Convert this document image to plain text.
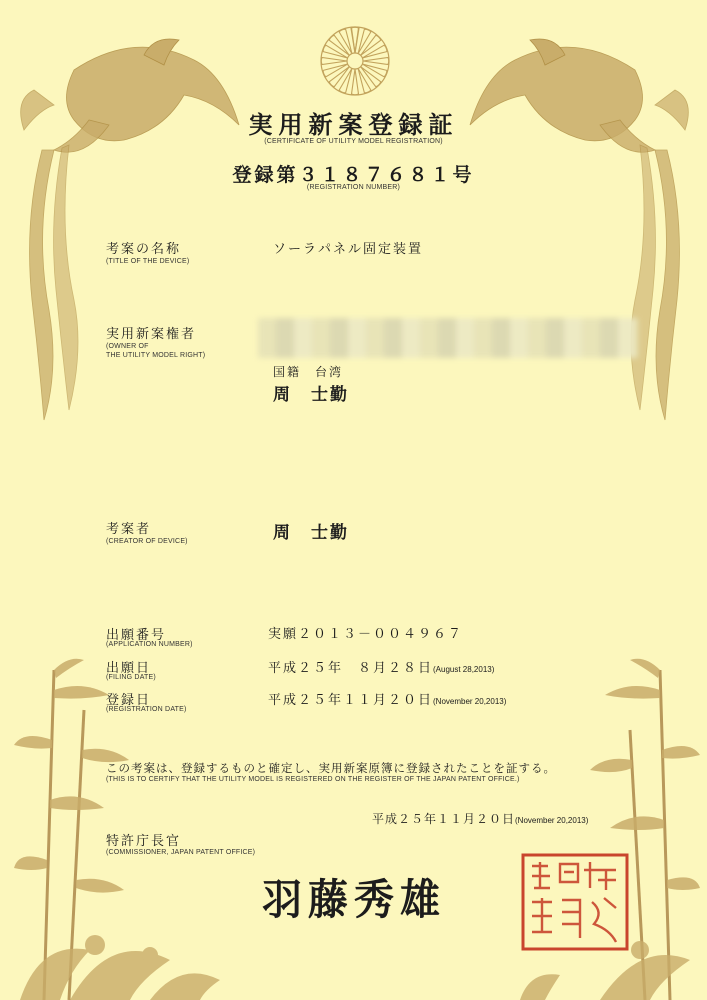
実用新案登録証
(CERTIFICATE OF UTILITY MODEL REGISTRATION)
登録第３１８７６８１号
(REGISTRATION NUMBER)
考案の名称
(TITLE OF THE DEVICE)
ソーラパネル固定装置
実用新案権者
(OWNER OF
THE UTILITY MODEL RIGHT)
国籍　台湾
周　士勤
考案者
(CREATOR OF DEVICE)	周　士勤
出願番号
(APPLICATION NUMBER)
実願２０１３－００４９６７
出願日
(FILING DATE)
平成２５年　８月２８日(August 28,2013)
登録日
(REGISTRATION DATE)
平成２５年１１月２０日(November 20,2013)
この考案は、登録するものと確定し、実用新案原簿に登録されたことを証する。
(THIS IS TO CERTIFY THAT THE UTILITY MODEL IS REGISTERED ON THE REGISTER OF THE JAPAN PATENT OFFICE.)
平成２５年１１月２０日(November 20,2013)
特許庁長官
(COMMISSIONER, JAPAN PATENT OFFICE)
羽藤秀雄
